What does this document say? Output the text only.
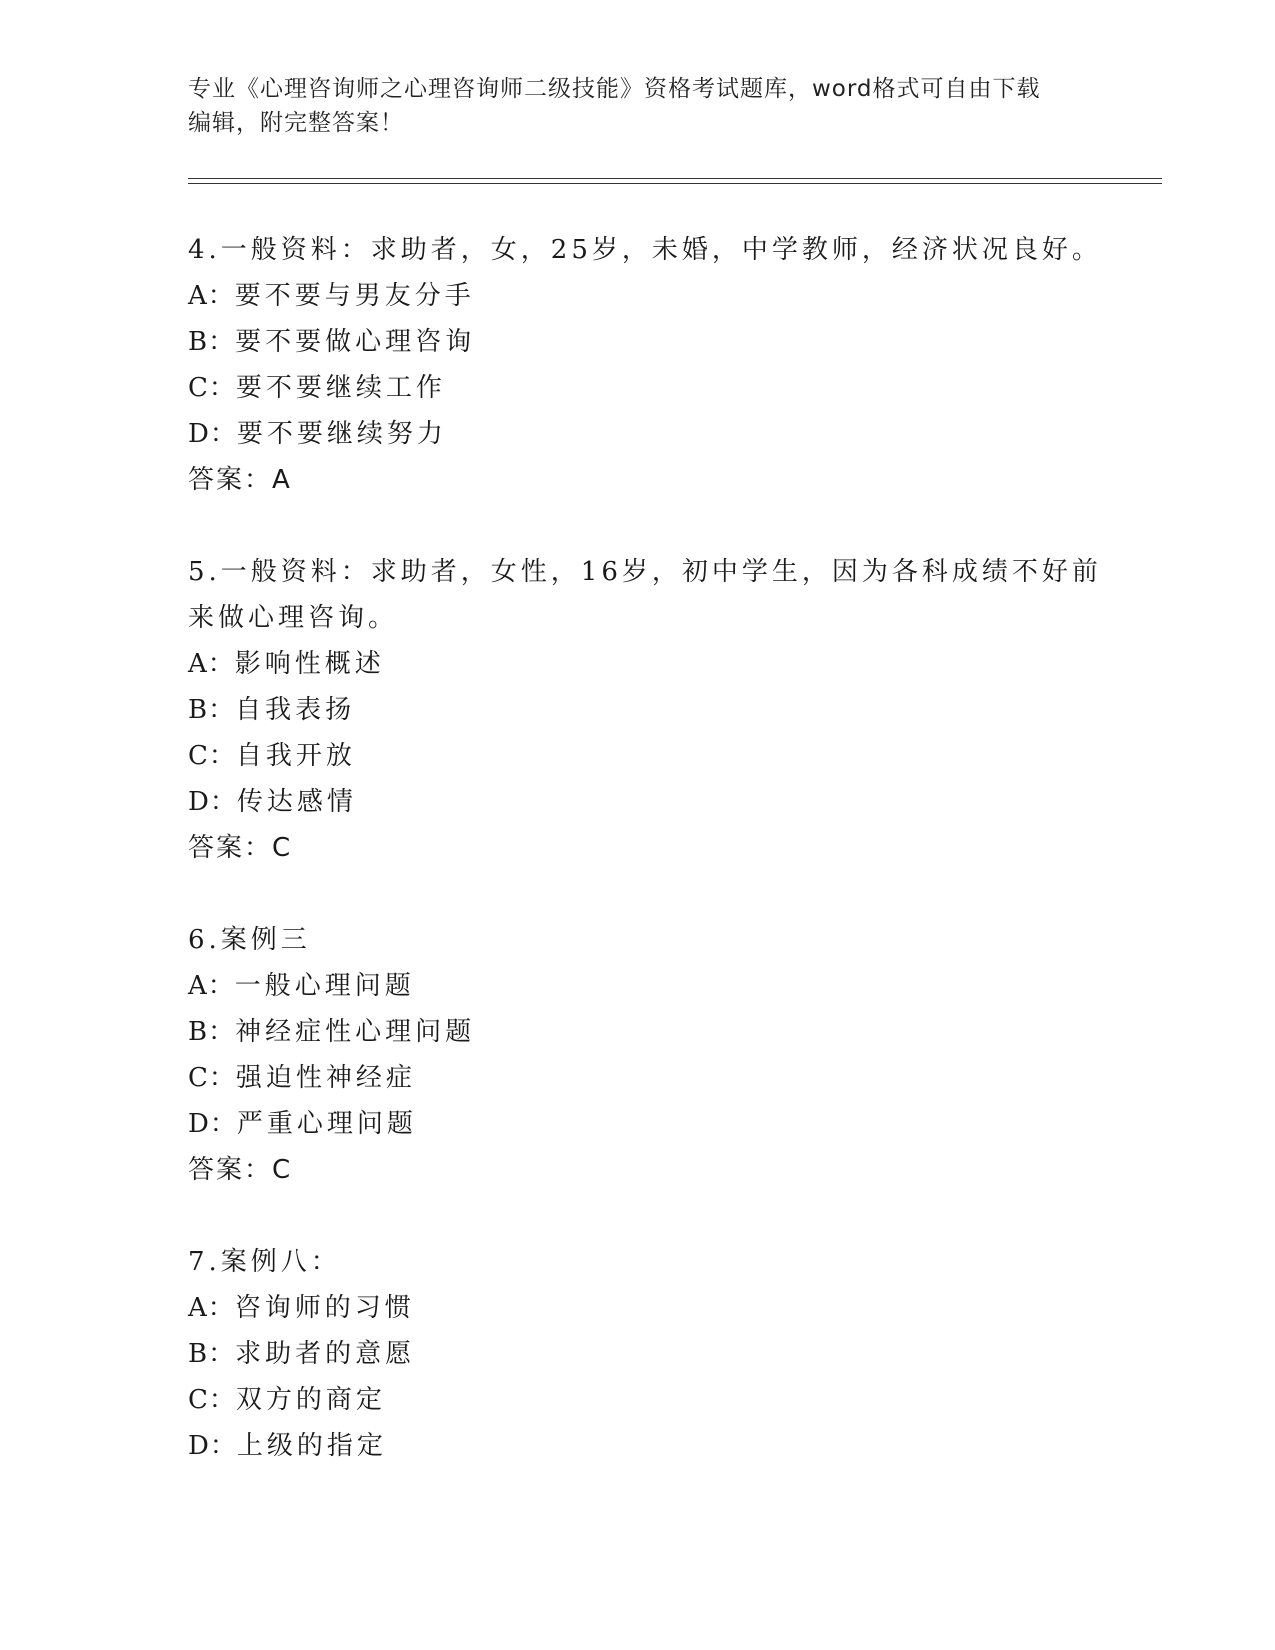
专业《心理咨询师之心理咨询师二级技能》资格考试题库，word格式可自由下载
编辑，附完整答案！
4.一般资料：求助者，女，25岁，未婚，中学教师，经济状况良好。
A：要不要与男友分手
B：要不要做心理咨询
C：要不要继续工作
D：要不要继续努力
答案：A
5.一般资料：求助者，女性，16岁，初中学生，因为各科成绩不好前
来做心理咨询。
A：影响性概述
B：自我表扬
C：自我开放
D：传达感情
答案：C
6.案例三
A：一般心理问题
B：神经症性心理问题
C：强迫性神经症
D：严重心理问题
答案：C
7.案例八：
A：咨询师的习惯
B：求助者的意愿
C：双方的商定
D：上级的指定
